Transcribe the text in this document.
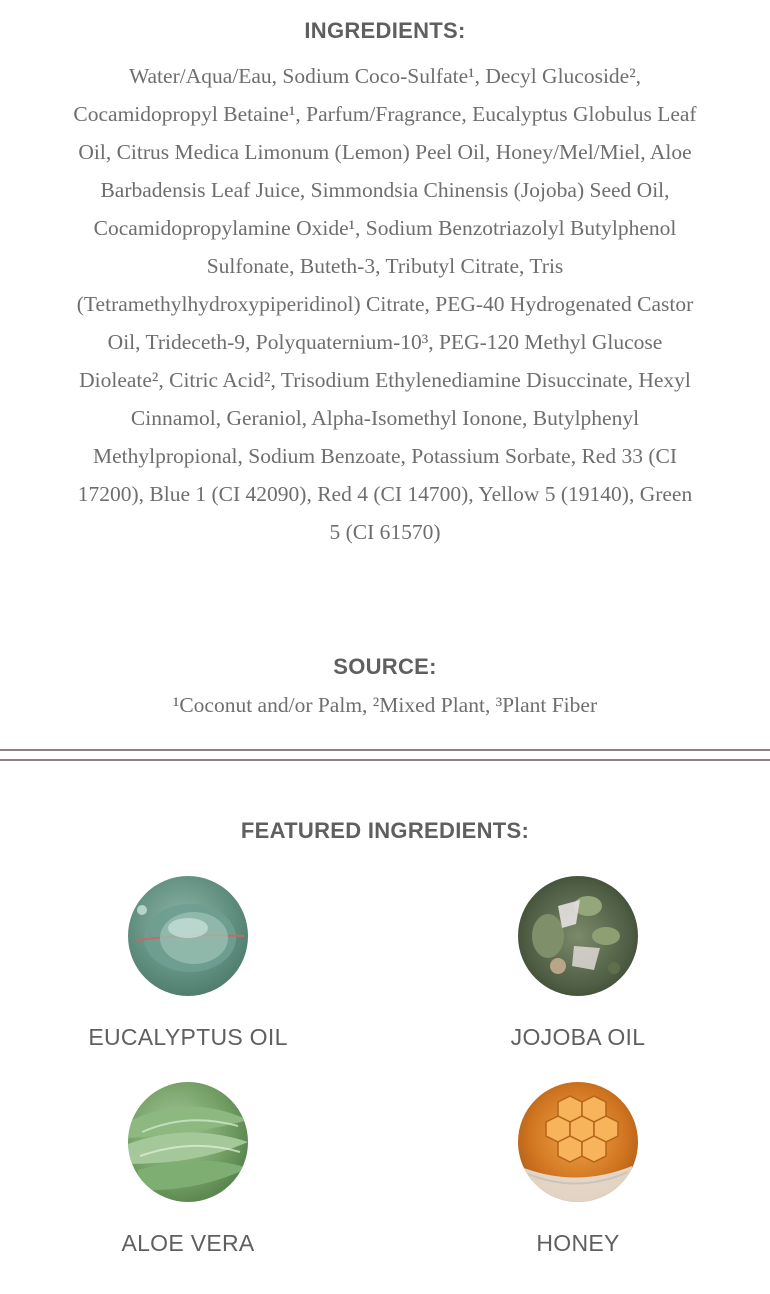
INGREDIENTS:

Water/Aqua/Eau, Sodium Coco-Sulfate¹, Decyl Glucoside², Cocamidopropyl Betaine¹, Parfum/Fragrance, Eucalyptus Globulus Leaf Oil, Citrus Medica Limonum (Lemon) Peel Oil, Honey/Mel/Miel, Aloe Barbadensis Leaf Juice, Simmondsia Chinensis (Jojoba) Seed Oil, Cocamidopropylamine Oxide¹, Sodium Benzotriazolyl Butylphenol Sulfonate, Buteth-3, Tributyl Citrate, Tris (Tetramethylhydroxypiperidinol) Citrate, PEG-40 Hydrogenated Castor Oil, Trideceth-9, Polyquaternium-10³, PEG-120 Methyl Glucose Dioleate², Citric Acid², Trisodium Ethylenediamine Disuccinate, Hexyl Cinnamol, Geraniol, Alpha-Isomethyl Ionone, Butylphenyl Methylpropional, Sodium Benzoate, Potassium Sorbate, Red 33 (CI 17200), Blue 1 (CI 42090), Red 4 (CI 14700), Yellow 5 (19140), Green 5 (CI 61570)

SOURCE:

¹Coconut and/or Palm, ²Mixed Plant, ³Plant Fiber

FEATURED INGREDIENTS:
EUCALYPTUS OIL	JOJOBA OIL
ALOE VERA	HONEY
